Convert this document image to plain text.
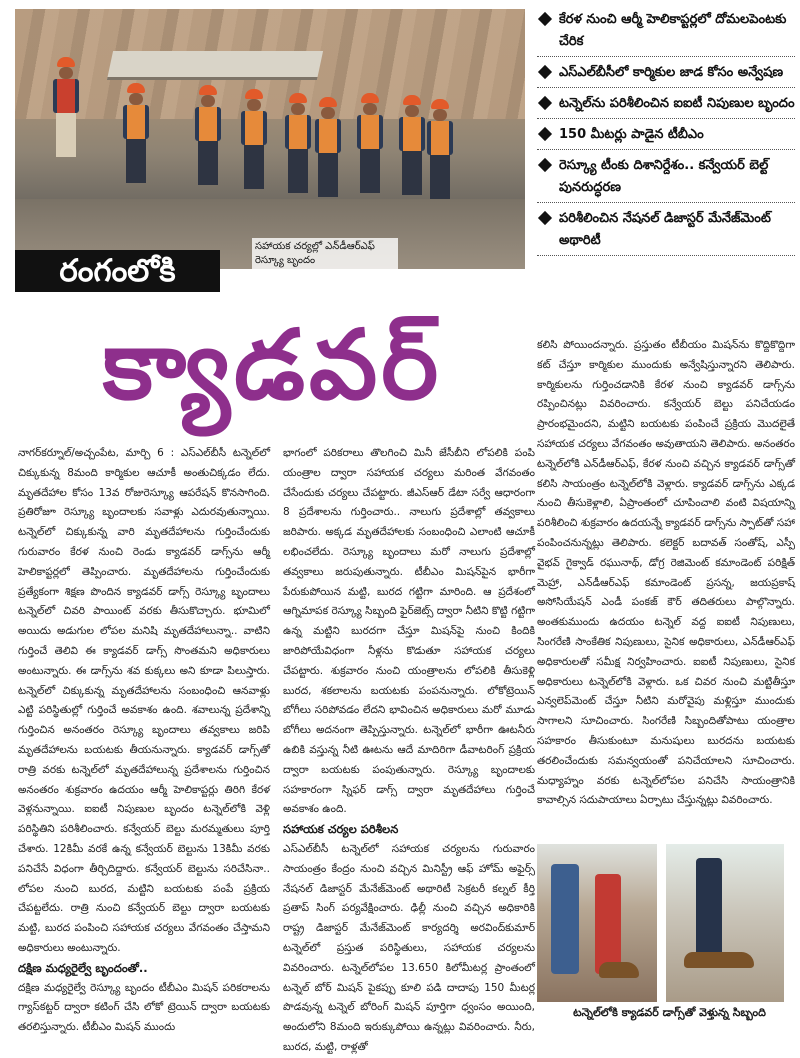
సహాయక చర్యల్లో ఎన్‌డీఆర్‌ఎఫ్ రెస్క్యూ బృందం
రంగంలోకి
క్యాడవర్
కేరళ నుంచి ఆర్మీ హెలికాప్టర్లలో దోమలపెంటకు చేరిక
ఎస్ఎల్‌బీసీలో కార్మికుల జాడ కోసం అన్వేషణ
టన్నెల్‌ను పరిశీలించిన ఐఐటీ నిపుణుల బృందం
150 మీటర్లు పాడైన టీబీఎం
రెస్క్యూ టీంకు దిశానిర్దేశం.. కన్వేయర్ బెల్ట్ పునరుద్ధరణ
పరిశీలించిన నేషనల్ డిజాస్టర్ మేనేజ్‌మెంట్ అథారిటీ

నాగర్‌కర్నూల్/అచ్చంపేట, మార్చి 6 : ఎస్ఎల్‌బీసీ టన్నెల్‌లో చిక్కుకున్న 8మంది కార్మికుల ఆచూకీ అంతుచిక్కడం లేదు. మృతదేహాల కోసం 13వ రోజురెస్క్యూ ఆపరేషన్ కొనసాగింది. ప్రతిరోజూ రెస్క్యూ బృందాలకు సవాళ్లు ఎదురవుతున్నాయి. టన్నెల్‌లో చిక్కుకున్న వారి మృతదేహాలను గుర్తించేందుకు గురువారం కేరళ నుంచి రెండు క్యాడవర్ డాగ్స్‌ను ఆర్మీ హెలికాప్టర్లలో తెప్పించారు. మృతదేహాలను గుర్తించేందుకు ప్రత్యేకంగా శిక్షణ పొందిన క్యాడవర్ డాగ్స్ రెస్క్యూ బృందాలు టన్నెల్‌లో చివరి పాయింట్ వరకు తీసుకొచ్చారు. భూమిలో అయిదు అడుగుల లోపల మనిషి మృతదేహాలున్నా.. వాటిని గుర్తించే తెలివి ఈ క్యాడవర్ డాగ్స్ సొంతమని అధికారులు అంటున్నారు. ఈ డాగ్స్‌ను శవ కుక్కలు అని కూడా పిలుస్తారు. టన్నెల్‌లో చిక్కుకున్న మృతదేహాలను సంబంధించి ఆనవాళ్లు ఎట్టి పరిస్థితుల్లో గుర్తించే అవకాశం ఉంది. శవాలున్న ప్రదేశాన్ని గుర్తించిన అనంతరం రెస్క్యూ బృందాలు తవ్వకాలు జరిపి మృతదేహాలను బయటకు తీయనున్నారు. క్యాడవర్ డాగ్స్‌తో రాత్రి వరకు టన్నెల్‌లో మృతదేహాలున్న ప్రదేశాలను గుర్తించిన అనంతరం శుక్రవారం ఉదయం ఆర్మీ హెలికాప్టర్లు తిరిగి కేరళ వెళ్లనున్నాయి. ఐఐటీ నిపుణుల బృందం టన్నెల్‌లోకి వెళ్లి పరిస్థితిని పరిశీలించారు. కన్వేయర్ బెల్టు మరమ్మతులు పూర్తి చేశారు. 12కిమీ వరకే ఉన్న కన్వేయర్ బెల్టును 13కిమీ వరకు పనిచేసే విధంగా తీర్చిదిద్దారు. కన్వేయర్ బెల్టును సరిచేసినా.. లోపల నుంచి బురద, మట్టిని బయటకు పంపే ప్రక్రియ చేపట్టలేదు. రాత్రి నుంచి కన్వేయర్ బెల్టు ద్వారా బయటకు మట్టి, బురద పంపించి సహాయక చర్యలు వేగవంతం చేస్తామని అధికారులు అంటున్నారు.

దక్షిణ మధ్యరైల్వే బృందంతో..

దక్షిణ మధ్యరైల్వే రెస్క్యూ బృందం టీబీఎం మిషన్ పరికరాలను గ్యాస్‌కట్టర్ ద్వారా కటింగ్ చేసి లోకో ట్రెయిన్ ద్వారా బయటకు తరలిస్తున్నారు. టీబీఎం మిషన్ ముందు

భాగంలో పరికరాలు తొలగించి మినీ జేసీబీని లోపలికి పంపి యంత్రాల ద్వారా సహాయక చర్యలు మరింత వేగవంతం చేసేందుకు చర్యలు చేపట్టారు. జీఎస్ఆర్ డేటా సర్వే ఆధారంగా 8 ప్రదేశాలను గుర్తించారు.. నాలుగు ప్రదేశాల్లో తవ్వకాలు జరిపారు. అక్కడ మృతదేహాలకు సంబంధించి ఎలాంటి ఆచూకీ లభించలేదు. రెస్క్యూ బృందాలు మరో నాలుగు ప్రదేశాల్లో తవ్వకాలు జరుపుతున్నారు. టీబీఎం మిషన్‌పైన భారీగా పేరుకుపోయిన మట్టి, బురద గట్టిగా మారింది. ఆ ప్రదేశంలో ఆగ్నిమాపక రెస్క్యూ సిబ్బంది ఫైర్‌జెట్స్ ద్వారా నీటిని కొట్టి గట్టిగా ఉన్న మట్టిని బురదగా చేస్తూ మిషన్‌పై నుంచి కిందికి జారిపోయేవిధంగా నీళ్లను కొడుతూ సహాయక చర్యలు చేపట్టారు. శుక్రవారం నుంచి యంత్రాలను లోపలికి తీసుకెళ్లి బురద, శకలాలను బయటకు పంపనున్నారు. లోకోట్రెయిన్ బోగీలు సరిపోవడం లేదని భావించిన అధికారులు మరో మూడు బోగీలు అదనంగా తెప్పిస్తున్నారు. టన్నెల్‌లో భారీగా ఊటనీరు ఉబికి వస్తున్న నీటి ఊటను ఆదే మాదిరిగా డీవాటరింగ్ ప్రక్రియ ద్వారా బయటకు పంపుతున్నారు. రెస్క్యూ బృందాలకు సహకారంగా స్నిఫర్ డాగ్స్ ద్వారా మృతదేహాలు గుర్తించే అవకాశం ఉంది.

సహాయక చర్యల పరిశీలన

ఎస్ఎల్‌బీసీ టన్నెల్‌లో సహాయక చర్యలను గురువారం సాయంత్రం కేంద్రం నుంచి వచ్చిన మినిస్ట్రీ ఆఫ్ హోమ్ అఫైర్స్ నేషనల్ డిజాస్టర్ మేనేజ్‌మెంట్ అథారిటీ సెక్రటరీ కల్నల్ కీర్తి ప్రతాప్ సింగ్ పర్యవేక్షించారు. ఢిల్లీ నుంచి వచ్చిన అధికారికి రాష్ట్ర డిజాస్టర్ మేనేజ్‌మెంట్ కార్యదర్శి అరవింద్‌కుమార్ టన్నెల్‌లో ప్రస్తుత పరిస్థితులు, సహాయక చర్యలను వివరించారు. టన్నెల్‌లోపల 13.650 కిలోమీటర్ల ప్రాంతంలో టన్నెల్ బోర్ మిషన్ పైకప్పు కూలి పడి దాదాపు 150 మీటర్ల పొడవున్న టన్నెల్ బోరింగ్ మిషన్ పూర్తిగా ధ్వంసం అయింది, అందులోని 8మంది ఇరుక్కుపోయి ఉన్నట్లు వివరించారు. నీరు, బురద, మట్టి, రాళ్లతో

కలిసి పోయిందన్నారు. ప్రస్తుతం టీబీయం మిషన్‌ను కొద్దికొద్దిగా కట్ చేస్తూ కార్మికుల ముందుకు అన్వేషిస్తున్నారని తెలిపారు. కార్మికులను గుర్తించడానికి కేరళ నుంచి క్యాడవర్ డాగ్స్‌ను రప్పించినట్లు వివరించారు. కన్వేయర్ బెల్టు పనిచేయడం ప్రారంభమైందని, మట్టిని బయటకు పంపించే ప్రక్రియ మొదలైతే సహాయక చర్యలు వేగవంతం అవుతాయని తెలిపారు. అనంతరం టన్నెల్‌లోకి ఎన్‌డీఆర్‌ఎఫ్, కేరళ నుంచి వచ్చిన క్యాడవర్ డాగ్స్‌తో కలిసి సాయంత్రం టన్నెల్‌లోకి వెళ్లారు. క్యాడవర్ డాగ్స్‌ను ఎక్కడ నుంచి తీసుకెళ్లాలి, ఏప్రాంతంలో చూపించాలి వంటి విషయాన్ని పరిశీలించి శుక్రవారం ఉదయన్నే క్యాడవర్ డాగ్స్‌ను స్పాట్‌తో సహా పంపించనున్నట్లు తెలిపారు. కలెక్టర్ బదావత్ సంతోష్, ఎస్పీ వైభవ్ గైక్వాడ్ రఘునాథ్, డోగ్ర రెజిమెంట్ కమాండెంట్ పరిక్షిత్ మెహ్రా, ఎన్‌డీఆర్‌ఎఫ్ కమాండెంట్ ప్రసన్న, జయప్రకాష్ అసోసియేషన్ ఎండీ పంకజ్ కౌర్ తదితరులు పాల్గొన్నారు. అంతకుముందు ఉదయం టన్నెల్ వద్ద ఐఐటీ నిపుణులు, సింగరేణి సాంకేతిక నిపుణులు, సైనిక అధికారులు, ఎన్‌డీఆర్‌ఎఫ్ అధికారులతో సమీక్ష నిర్వహించారు. ఐఐటీ నిపుణులు, సైనిక అధికారులు టన్నెల్‌లోకి వెళ్లారు. ఒక చివర నుంచి మట్టితీస్తూ ఎన్వలెప్‌మెంట్ చేస్తూ నీటిని మరోవైపు మళ్లిస్తూ ముందుకు సాగాలని సూచించారు. సింగరేణి సిబ్బందితోపాటు యంత్రాల సహకారం తీసుకుంటూ మనుషులు బురదను బయటకు తరలించేందుకు సమన్వయంతో పనిచేయాలని సూచించారు. మధ్యాహ్నం వరకు టన్నెల్‌లోపల పనిచేసి సాయంత్రానికి కావాల్సిన సదుపాయాలు ఏర్పాటు చేస్తున్నట్లు వివరించారు.

టన్నెల్‌లోకి క్యాడవర్ డాగ్స్‌తో వెళ్తున్న సిబ్బంది
